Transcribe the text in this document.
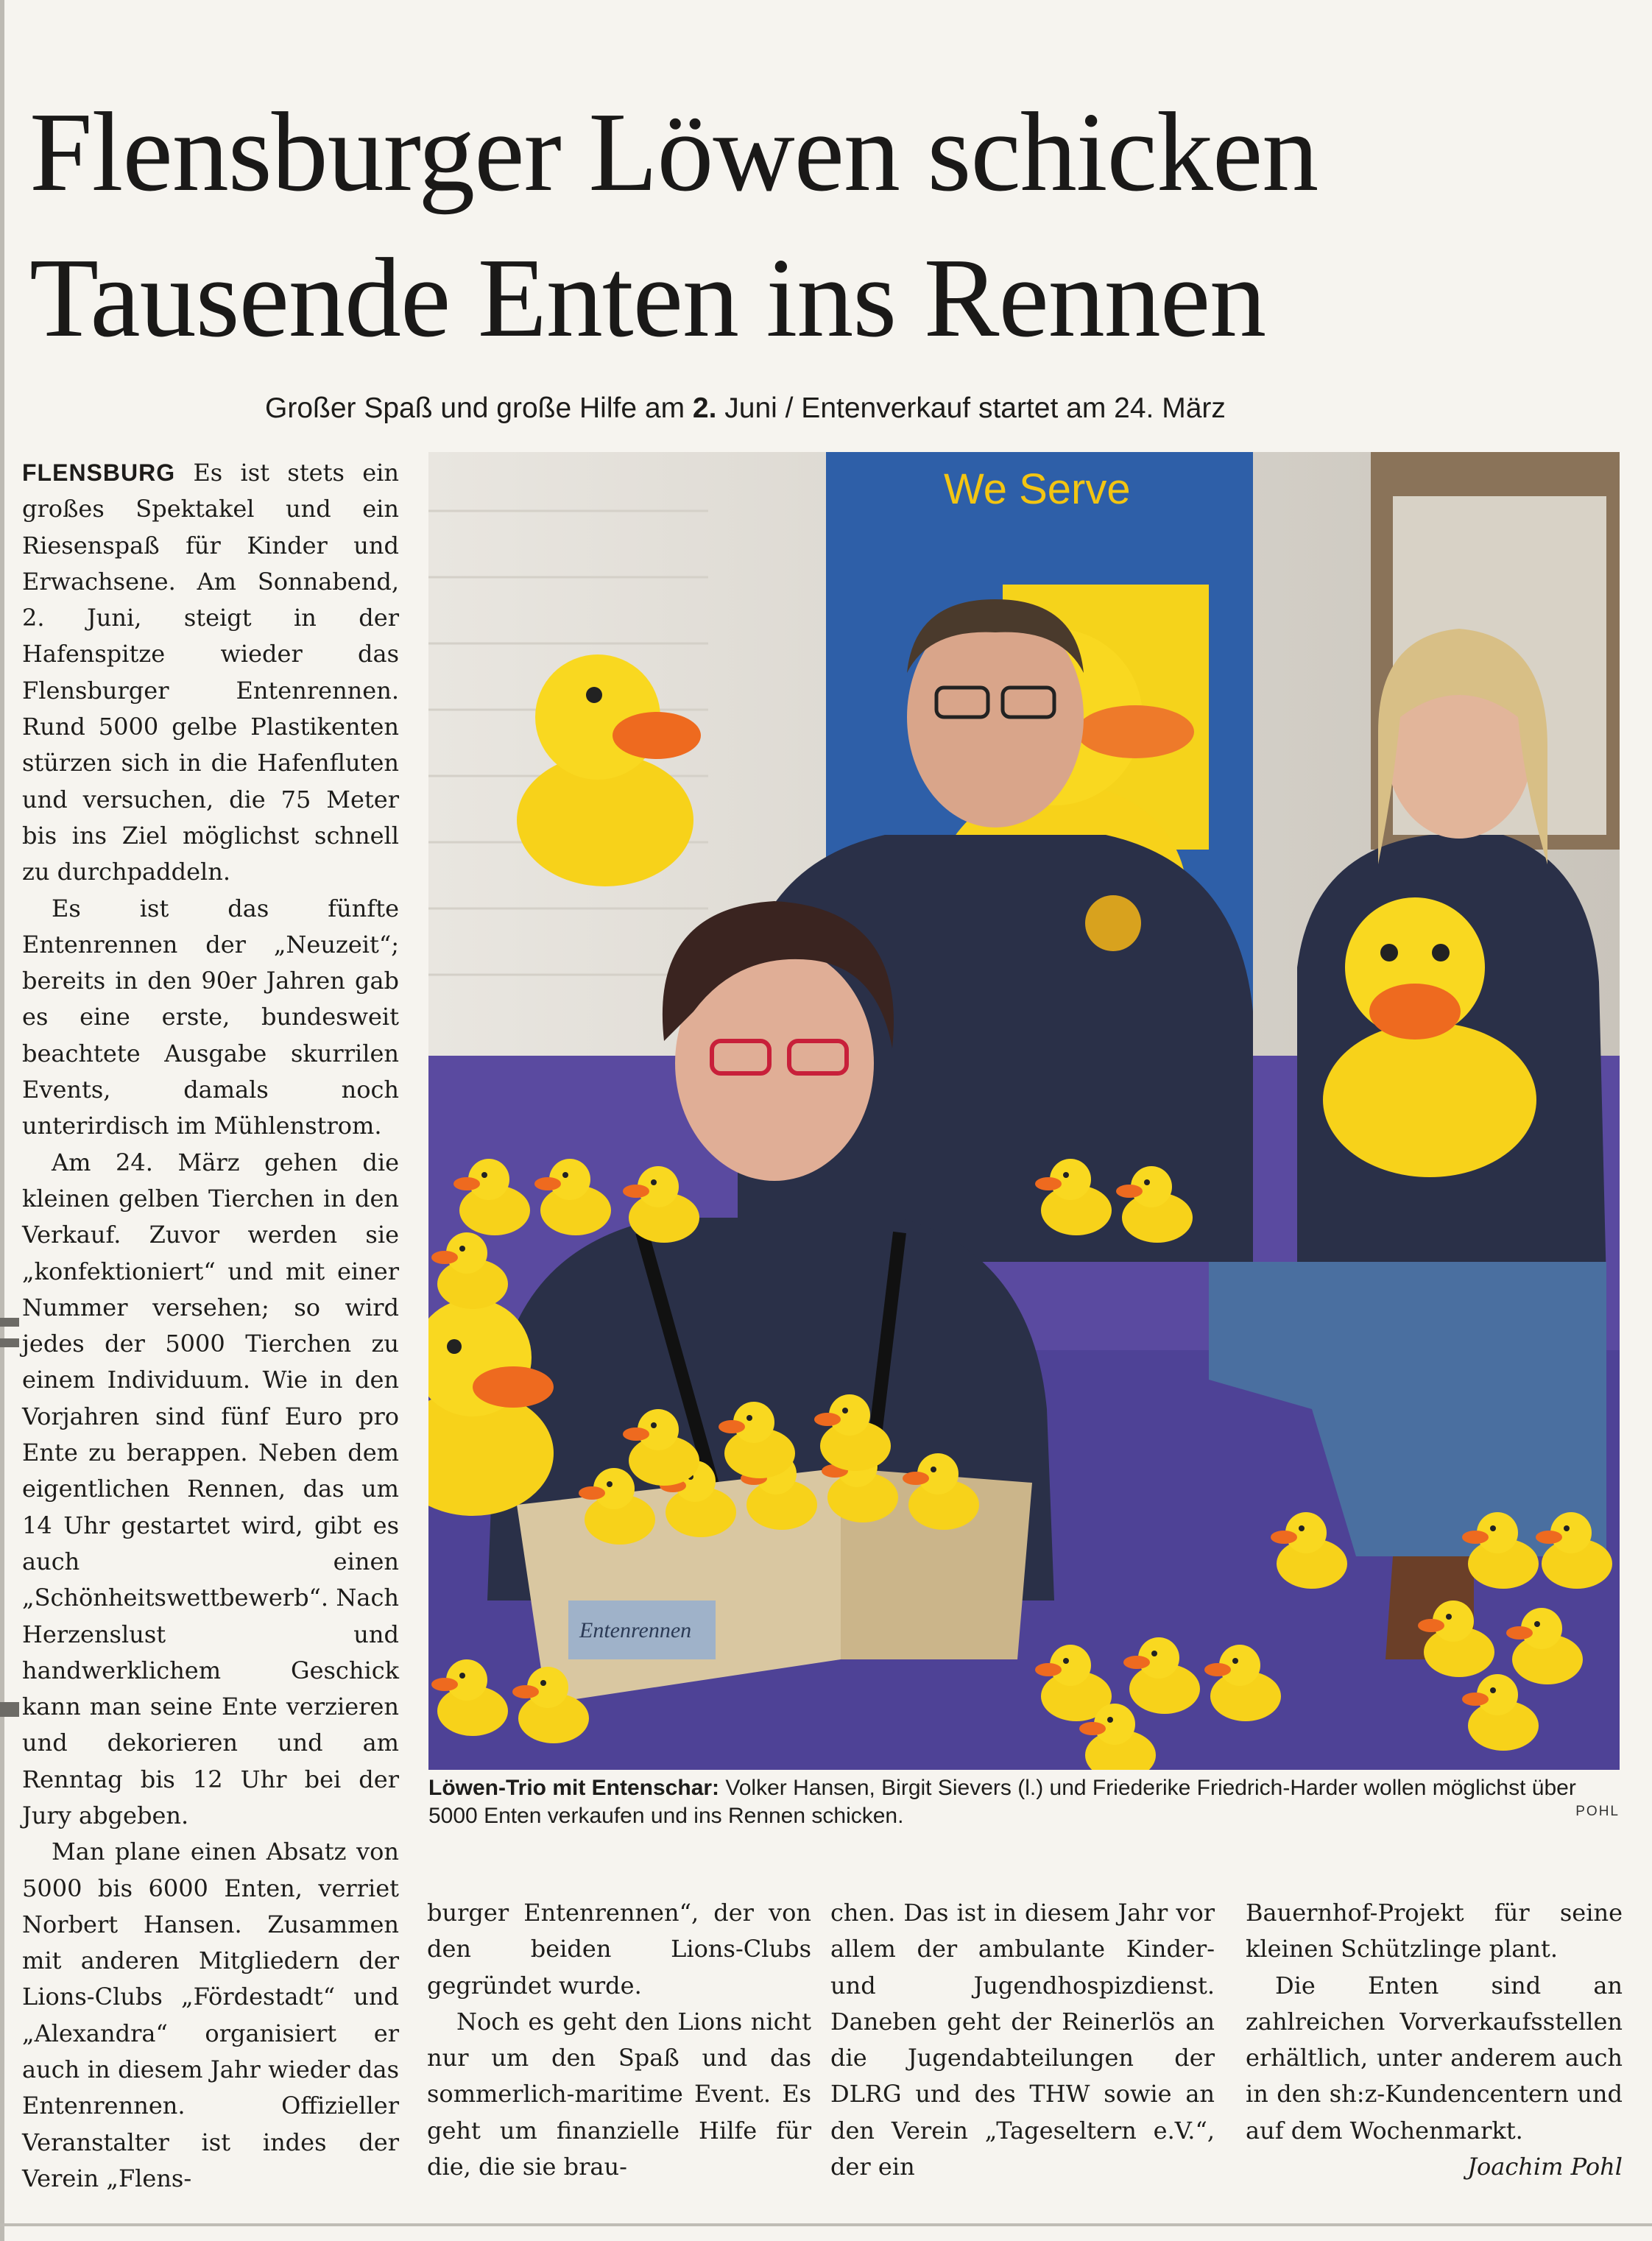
Flensburger Löwen schicken
Tausende Enten ins Rennen
Großer Spaß und große Hilfe am 2. Juni / Entenverkauf startet am 24. März

FLENSBURG Es ist stets ein großes Spektakel und ein Riesenspaß für Kinder und Erwachsene. Am Sonnabend, 2. Juni, steigt in der Hafenspitze wieder das Flensburger Entenrennen. Rund 5000 gelbe Plastikenten stürzen sich in die Hafenfluten und versuchen, die 75 Meter bis ins Ziel möglichst schnell zu durchpaddeln.

Es ist das fünfte Entenrennen der „Neuzeit“; bereits in den 90er Jahren gab es eine erste, bundesweit beachtete Ausgabe skurrilen Events, damals noch unterirdisch im Mühlenstrom.

Am 24. März gehen die kleinen gelben Tierchen in den Verkauf. Zuvor werden sie „konfektioniert“ und mit einer Nummer versehen; so wird jedes der 5000 Tierchen zu einem Individuum. Wie in den Vorjahren sind fünf Euro pro Ente zu berappen. Neben dem eigentlichen Rennen, das um 14 Uhr gestartet wird, gibt es auch einen „Schönheitswettbewerb“. Nach Herzenslust und handwerklichem Geschick kann man seine Ente verzieren und dekorieren und am Renntag bis 12 Uhr bei der Jury abgeben.

Man plane einen Absatz von 5000 bis 6000 Enten, verriet Norbert Hansen. Zusammen mit anderen Mitgliedern der Lions-Clubs „Fördestadt“ und „Alexandra“ organisiert er auch in diesem Jahr wieder das Entenrennen. Offizieller Veranstalter ist indes der Verein „Flens-

We Serve
Entenrennen
Löwen-Trio mit Entenschar: Volker Hansen, Birgit Sievers (l.) und Friederike Friedrich-Harder wollen möglichst über 5000 Enten verkaufen und ins Rennen schicken.	POHL

burger Entenrennen“, der von den beiden Lions-Clubs gegründet wurde.

Noch es geht den Lions nicht nur um den Spaß und das sommerlich-maritime Event. Es geht um finanzielle Hilfe für die, die sie brau-

chen. Das ist in diesem Jahr vor allem der ambulante Kinder- und Jugendhospizdienst. Daneben geht der Reinerlös an die Jugendabteilungen der DLRG und des THW sowie an den Verein „Tageseltern e.V.“, der ein

Bauernhof-Projekt für seine kleinen Schützlinge plant.

Die Enten sind an zahlreichen Vorverkaufsstellen erhältlich, unter anderem auch in den sh:z-Kundencentern und auf dem Wochenmarkt.

Joachim Pohl
